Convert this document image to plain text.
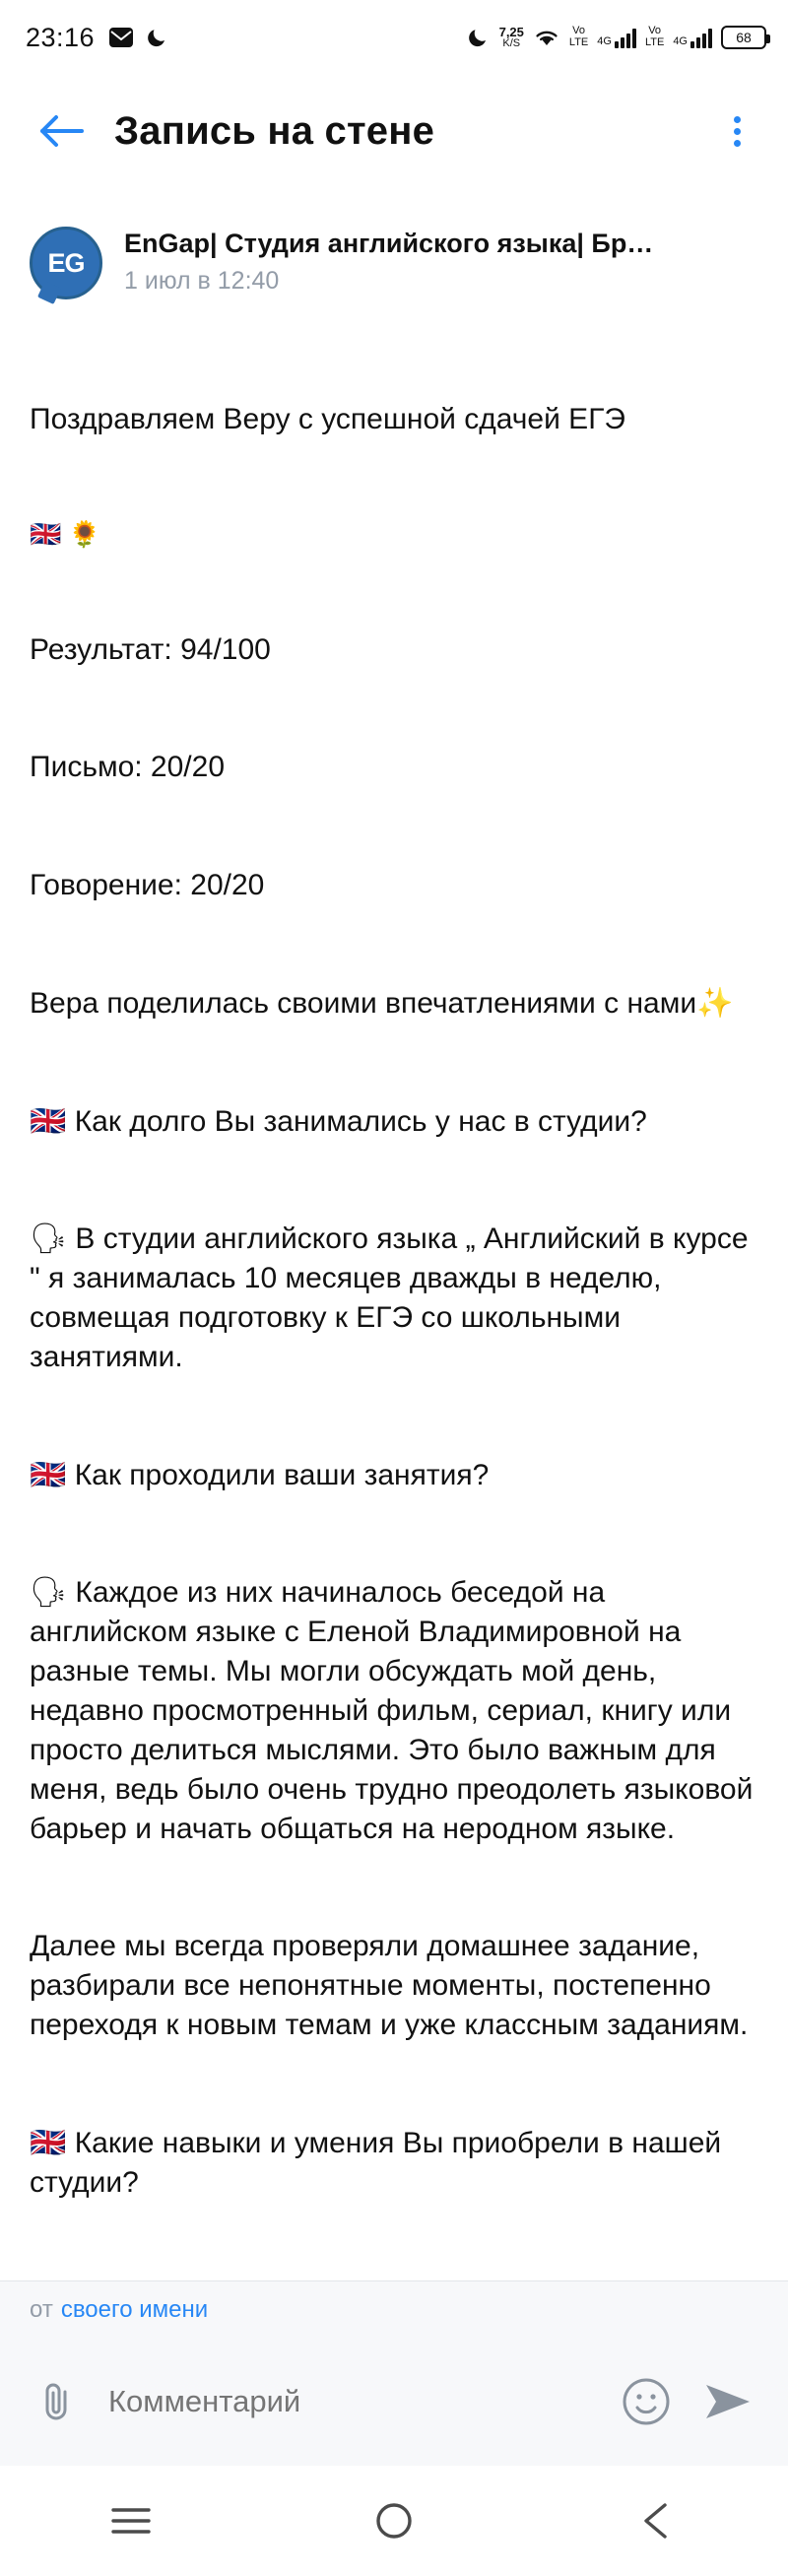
23:16	7,25
K/S
Vo
LTE 4G
Vo
LTE 4G	68
Запись на стене
EG
EnGap| Студия английского языка| Бр…
1 июл в 12:40

Поздравляем Веру с успешной сдачей ЕГЭ

🇬🇧 🌻

Результат: 94/100

Письмо: 20/20

Говорение: 20/20

Вера поделилась своими впечатлениями с нами✨

🇬🇧 Как долго Вы занимались у нас в студии?

🗣 В студии английского языка „ Английский в курсе " я занималась 10 месяцев дважды в неделю, совмещая подготовку к ЕГЭ со школьными занятиями.

🇬🇧 Как проходили ваши занятия?

🗣 Каждое из них начиналось беседой на английском языке с Еленой Владимировной на разные темы. Мы могли обсуждать мой день, недавно просмотренный фильм, сериал, книгу или просто делиться мыслями. Это было важным для меня, ведь было очень трудно преодолеть языковой барьер и начать общаться на неродном языке.

Далее мы всегда проверяли домашнее задание, разбирали все непонятные моменты, постепенно переходя к новым темам и уже классным заданиям.

🇬🇧 Какие навыки и умения Вы приобрели в нашей студии?

от своего имени
Комментарий
